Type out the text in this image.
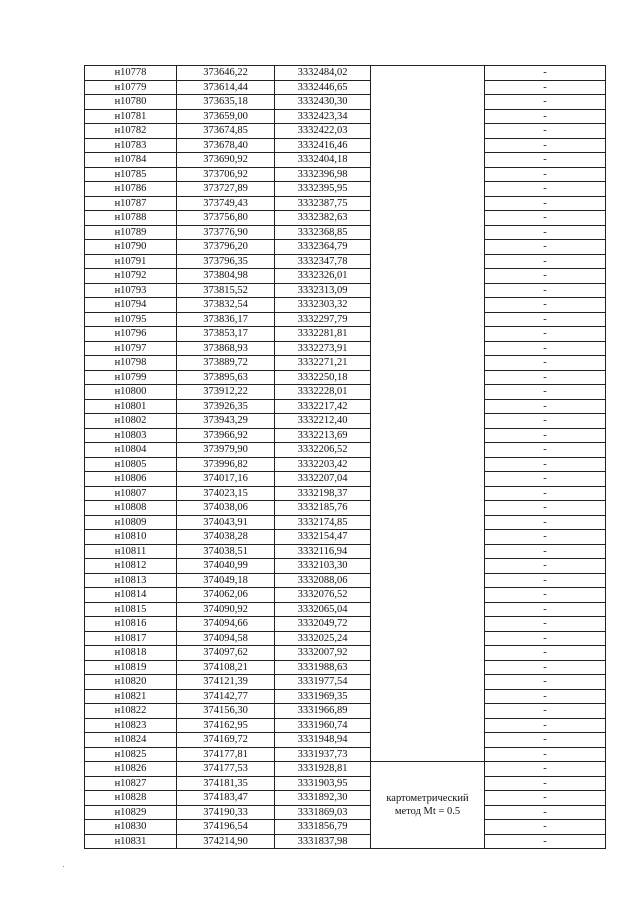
н10778	373646,22	3332484,02		-
н10779	373614,44	3332446,65		-
н10780	373635,18	3332430,30		-
н10781	373659,00	3332423,34		-
н10782	373674,85	3332422,03		-
н10783	373678,40	3332416,46		-
н10784	373690,92	3332404,18		-
н10785	373706,92	3332396,98		-
н10786	373727,89	3332395,95		-
н10787	373749,43	3332387,75		-
н10788	373756,80	3332382,63		-
н10789	373776,90	3332368,85		-
н10790	373796,20	3332364,79		-
н10791	373796,35	3332347,78		-
н10792	373804,98	3332326,01		-
н10793	373815,52	3332313,09		-
н10794	373832,54	3332303,32		-
н10795	373836,17	3332297,79		-
н10796	373853,17	3332281,81		-
н10797	373868,93	3332273,91		-
н10798	373889,72	3332271,21		-
н10799	373895,63	3332250,18		-
н10800	373912,22	3332228,01		-
н10801	373926,35	3332217,42		-
н10802	373943,29	3332212,40		-
н10803	373966,92	3332213,69		-
н10804	373979,90	3332206,52		-
н10805	373996,82	3332203,42		-
н10806	374017,16	3332207,04		-
н10807	374023,15	3332198,37		-
н10808	374038,06	3332185,76		-
н10809	374043,91	3332174,85		-
н10810	374038,28	3332154,47		-
н10811	374038,51	3332116,94		-
н10812	374040,99	3332103,30		-
н10813	374049,18	3332088,06		-
н10814	374062,06	3332076,52		-
н10815	374090,92	3332065,04		-
н10816	374094,66	3332049,72		-
н10817	374094,58	3332025,24		-
н10818	374097,62	3332007,92		-
н10819	374108,21	3331988,63		-
н10820	374121,39	3331977,54		-
н10821	374142,77	3331969,35		-
н10822	374156,30	3331966,89		-
н10823	374162,95	3331960,74		-
н10824	374169,72	3331948,94		-
н10825	374177,81	3331937,73		-
н10826	374177,53	3331928,81	картометрический
метод Mt = 0.5	-
н10827	374181,35	3331903,95		-
н10828	374183,47	3331892,30		-
н10829	374190,33	3331869,03		-
н10830	374196,54	3331856,79		-
н10831	374214,90	3331837,98		-
